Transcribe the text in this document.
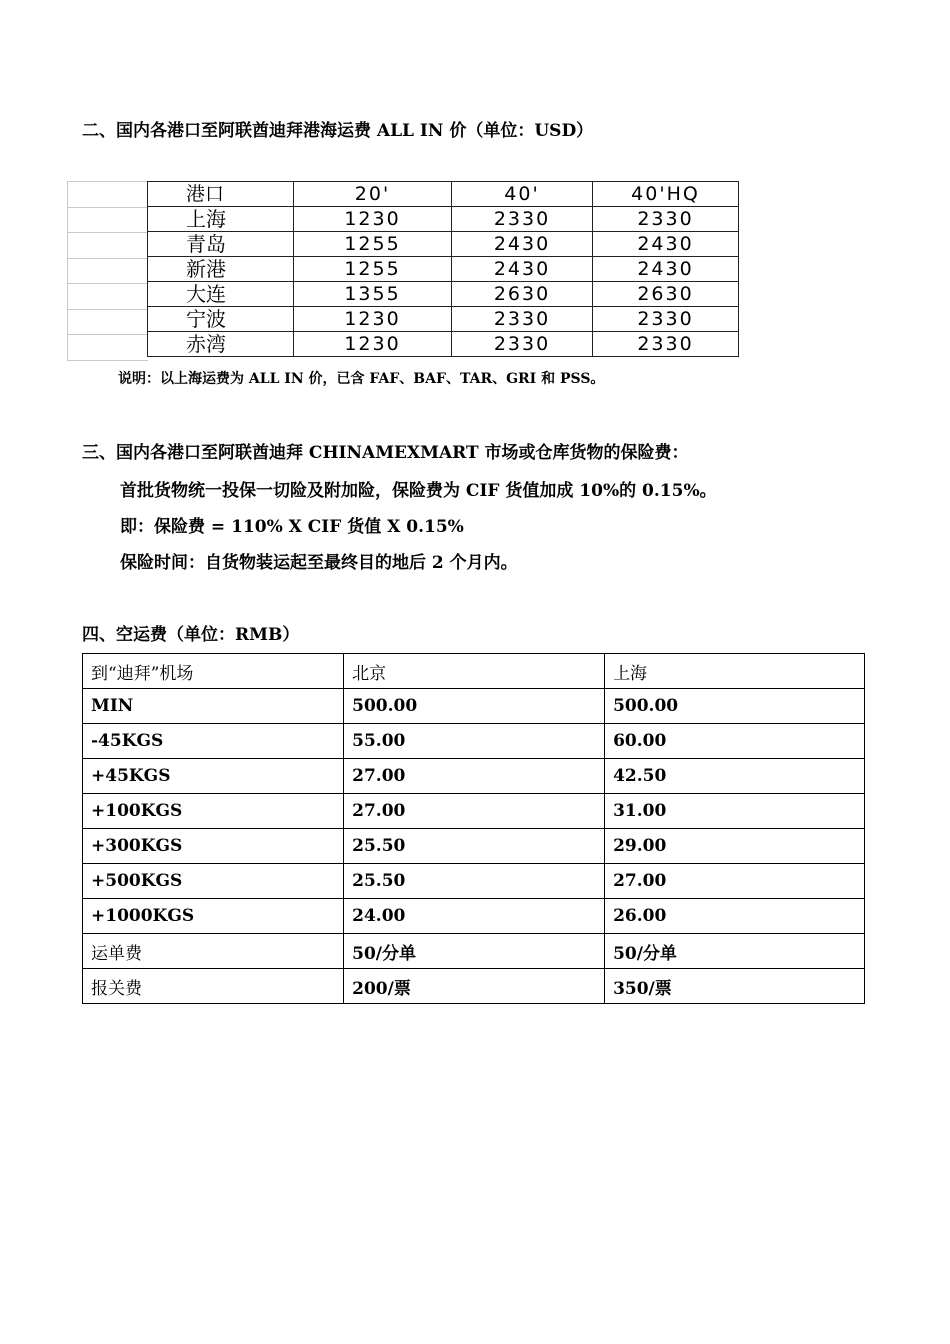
二、国内各港口至阿联酋迪拜港海运费 ALL IN 价（单位：USD）
港口	20'	40'	40'HQ
上海	1230	2330	2330
青岛	1255	2430	2430
新港	1255	2430	2430
大连	1355	2630	2630
宁波	1230	2330	2330
赤湾	1230	2330	2330
说明：以上海运费为 ALL IN 价，已含 FAF、BAF、TAR、GRI 和 PSS。
三、国内各港口至阿联酋迪拜 CHINAMEXMART 市场或仓库货物的保险费：
首批货物统一投保一切险及附加险，保险费为 CIF 货值加成 10%的 0.15%。
即：保险费 = 110% X CIF 货值 X 0.15%
保险时间：自货物装运起至最终目的地后 2 个月内。
四、空运费（单位：RMB）
到“迪拜”机场	北京	上海
MIN	500.00	500.00
-45KGS	55.00	60.00
+45KGS	27.00	42.50
+100KGS	27.00	31.00
+300KGS	25.50	29.00
+500KGS	25.50	27.00
+1000KGS	24.00	26.00
运单费	50/分单	50/分单
报关费	200/票	350/票
